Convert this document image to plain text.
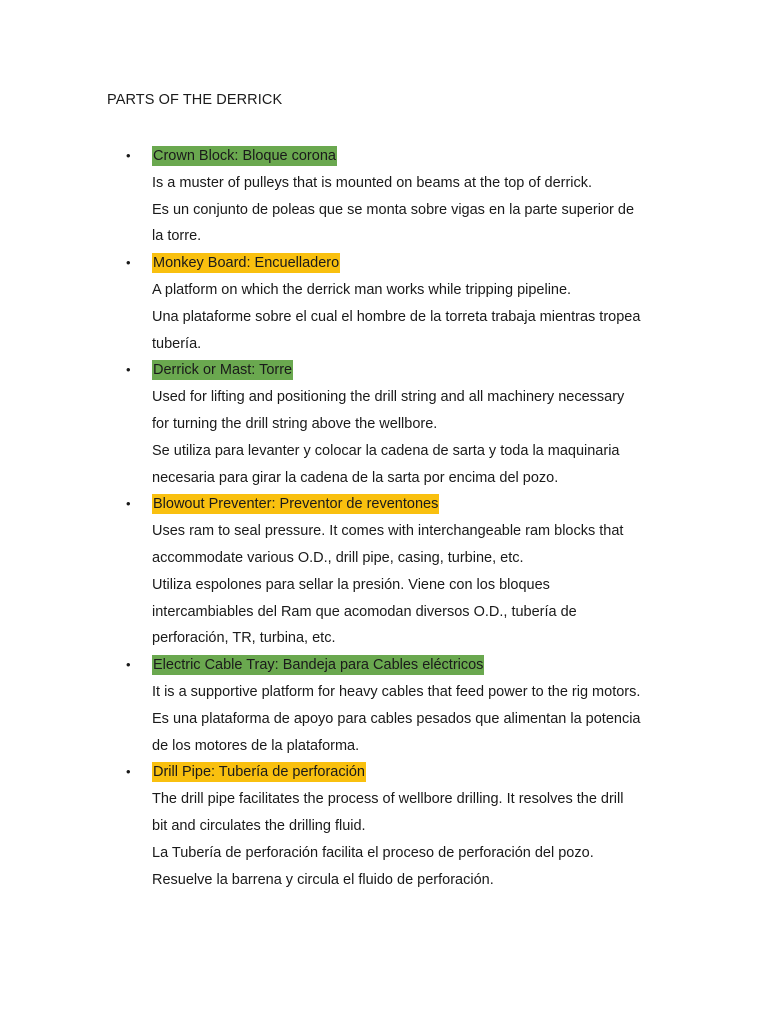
PARTS OF THE DERRICK
•	Crown Block: Bloque corona
Is a muster of pulleys that is mounted on beams at the top of derrick.
Es un conjunto de poleas que se monta sobre vigas en la parte superior de
la torre.
•	Monkey Board: Encuelladero
A platform on which the derrick man works while tripping pipeline.
Una plataforme sobre el cual el hombre de la torreta trabaja mientras tropea
tubería.
•	Derrick or Mast: Torre
Used for lifting and positioning the drill string and all machinery necessary
for turning the drill string above the wellbore.
Se utiliza para levanter y colocar la cadena de sarta y toda la maquinaria
necesaria para girar la cadena de la sarta por encima del pozo.
•	Blowout Preventer: Preventor de reventones
Uses ram to seal pressure. It comes with interchangeable ram blocks that
accommodate various O.D., drill pipe, casing, turbine, etc.
Utiliza espolones para sellar la presión. Viene con los bloques
intercambiables del Ram que acomodan diversos O.D., tubería de
perforación, TR, turbina, etc.
•	Electric Cable Tray: Bandeja para Cables eléctricos
It is a supportive platform for heavy cables that feed power to the rig motors.
Es una plataforma de apoyo para cables pesados que alimentan la potencia
de los motores de la plataforma.
•	Drill Pipe: Tubería de perforación
The drill pipe facilitates the process of wellbore drilling. It resolves the drill
bit and circulates the drilling fluid.
La Tubería de perforación facilita el proceso de perforación del pozo.
Resuelve la barrena y circula el fluido de perforación.
